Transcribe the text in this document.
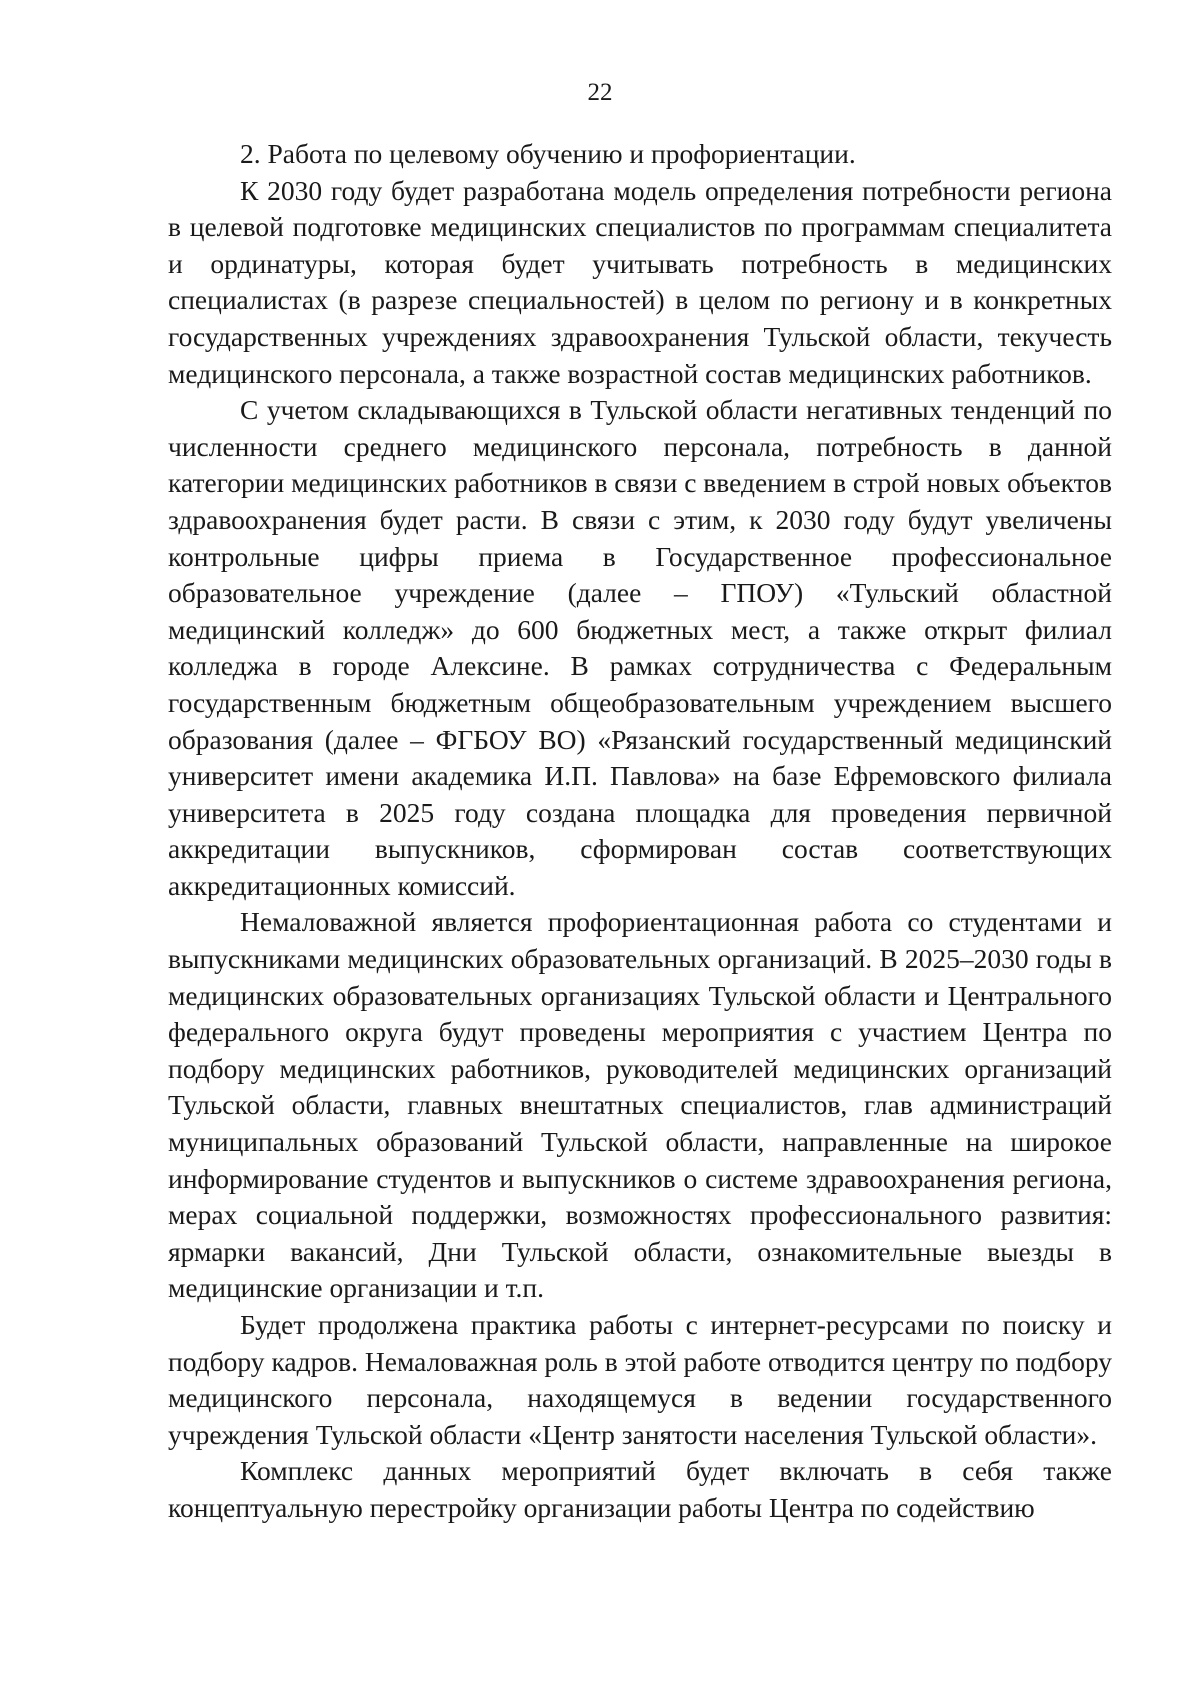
22

2. Работа по целевому обучению и профориентации.

К 2030 году будет разработана модель определения потребности региона в целевой подготовке медицинских специалистов по программам специалитета и ординатуры, которая будет учитывать потребность в медицинских специалистах (в разрезе специальностей) в целом по региону и в конкретных государственных учреждениях здравоохранения Тульской области, текучесть медицинского персонала, а также возрастной состав медицинских работников.

С учетом складывающихся в Тульской области негативных тенденций по численности среднего медицинского персонала, потребность в данной категории медицинских работников в связи с введением в строй новых объектов здравоохранения будет расти. В связи с этим, к 2030 году будут увеличены контрольные цифры приема в Государственное профессиональное образовательное учреждение (далее – ГПОУ) «Тульский областной медицинский колледж» до 600 бюджетных мест, а также открыт филиал колледжа в городе Алексине. В рамках сотрудничества с Федеральным государственным бюджетным общеобразовательным учреждением высшего образования (далее – ФГБОУ ВО) «Рязанский государственный медицинский университет имени академика И.П. Павлова» на базе Ефремовского филиала университета в 2025 году создана площадка для проведения первичной аккредитации выпускников, сформирован состав соответствующих аккредитационных комиссий.

Немаловажной является профориентационная работа со студентами и выпускниками медицинских образовательных организаций. В 2025–2030 годы в медицинских образовательных организациях Тульской области и Центрального федерального округа будут проведены мероприятия с участием Центра по подбору медицинских работников, руководителей медицинских организаций Тульской области, главных внештатных специалистов, глав администраций муниципальных образований Тульской области, направленные на широкое информирование студентов и выпускников о системе здравоохранения региона, мерах социальной поддержки, возможностях профессионального развития: ярмарки вакансий, Дни Тульской области, ознакомительные выезды в медицинские организации и т.п.

Будет продолжена практика работы с интернет-ресурсами по поиску и подбору кадров. Немаловажная роль в этой работе отводится центру по подбору медицинского персонала, находящемуся в ведении государственного учреждения Тульской области «Центр занятости населения Тульской области».

Комплекс данных мероприятий будет включать в себя также концептуальную перестройку организации работы Центра по содействию
